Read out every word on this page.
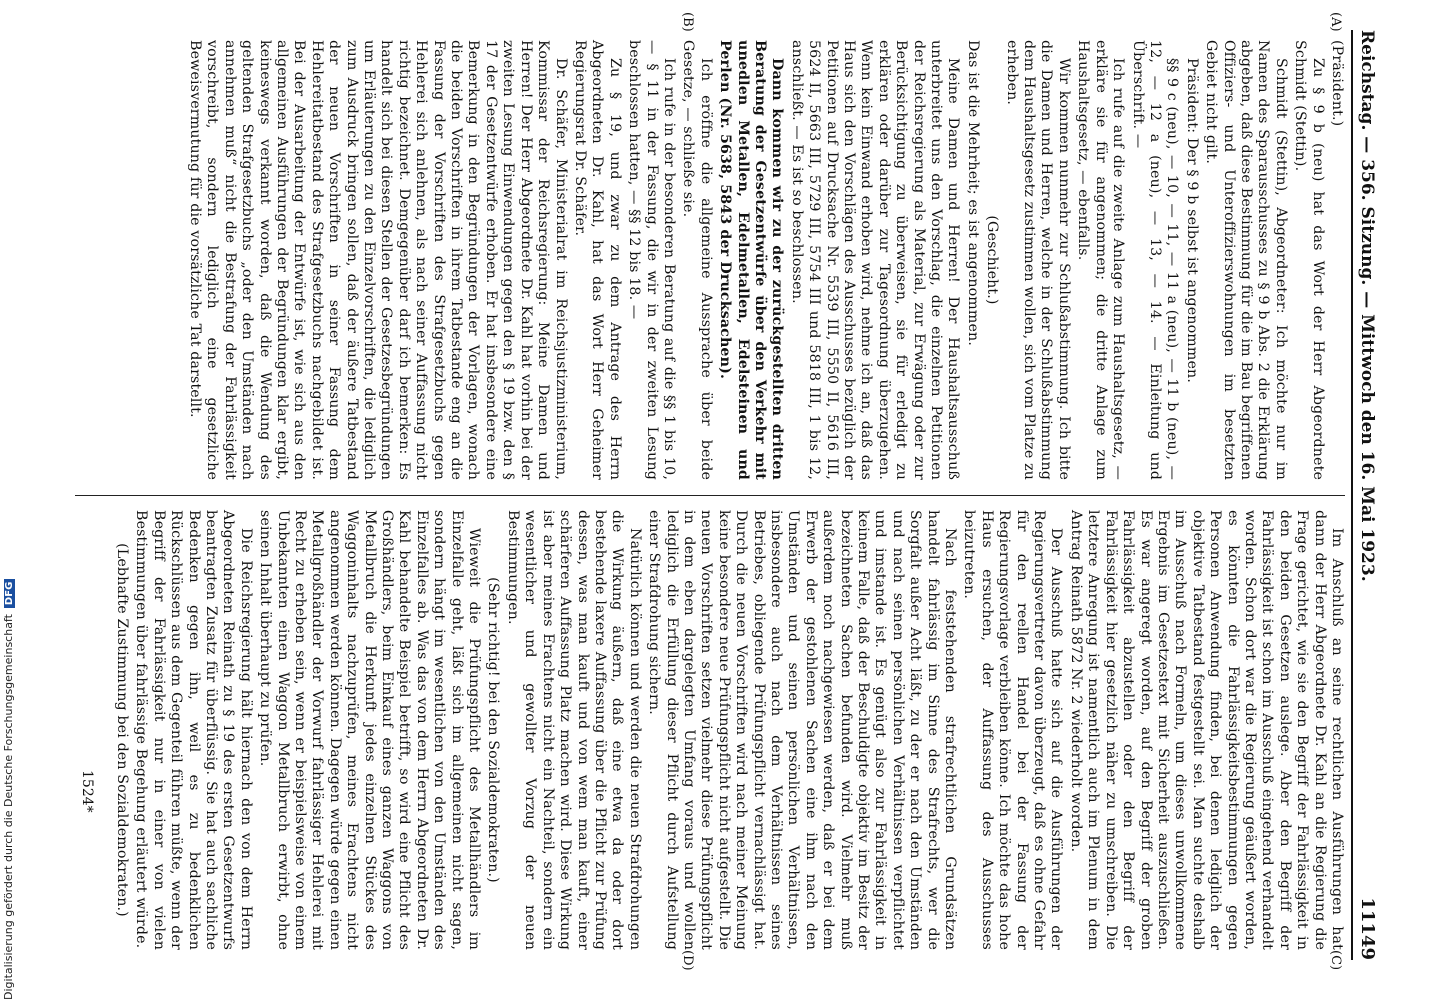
Reichstag. — 356. Sitzung. — Mittwoch den 16. Mai 1923.
11149
(A)
(B)
(C)
(D)

(Präsident.)

Zu § 9 b (neu) hat das Wort der Herr Abgeordnete Schmidt (Stettin).

Schmidt (Stettin), Abgeordneter: Ich möchte nur im Namen des Sparausschusses zu § 9 b Abs. 2 die Erklärung abgeben, daß diese Bestimmung für die im Bau begriffenen Offiziers- und Unteroffizierswohnungen im besetzten Gebiet nicht gilt.

Präsident: Der § 9 b selbst ist angenommen.

§§ 9 c (neu), — 10, — 11, — 11 a (neu), — 11 b (neu), — 12, — 12 a (neu), — 13, — 14. — Einleitung und Überschrift. —

Ich rufe auf die zweite Anlage zum Haushaltsgesetz, — erkläre sie für angenommen; die dritte Anlage zum Haushaltsgesetz, — ebenfalls.

Wir kommen nunmehr zur Schlußabstimmung. Ich bitte die Damen und Herren, welche in der Schlußabstimmung dem Haushaltsgesetz zustimmen wollen, sich vom Platze zu erheben.

(Geschieht.)

Das ist die Mehrheit; es ist angenommen.

Meine Damen und Herren! Der Haushaltsausschuß unterbreitet uns den Vorschlag, die einzelnen Petitionen der Reichsregierung als Material, zur Erwägung oder zur Berücksichtigung zu überweisen, sie für erledigt zu erklären oder darüber zur Tagesordnung überzugehen. Wenn kein Einwand erhoben wird, nehme ich an, daß das Haus sich den Vorschlägen des Ausschusses bezüglich der Petitionen auf Drucksache Nr. 5539 III, 5550 II, 5616 III, 5624 II, 5663 III, 5729 III, 5754 III und 5818 III, 1 bis 12, anschließt. — Es ist so beschlossen.

Dann kommen wir zu der zurückgestellten dritten Beratung der Gesetzentwürfe über den Verkehr mit unedlen Metallen, Edelmetallen, Edelsteinen und Perlen (Nr. 5638, 5843 der Drucksachen).

Ich eröffne die allgemeine Aussprache über beide Gesetze, — schließe sie.

Ich rufe in der besonderen Beratung auf die §§ 1 bis 10, — § 11 in der Fassung, die wir in der zweiten Lesung beschlossen hatten, — §§ 12 bis 18. —

Zu § 19, und zwar zu dem Antrage des Herrn Abgeordneten Dr. Kahl, hat das Wort Herr Geheimer Regierungsrat Dr. Schäfer.

Dr. Schäfer, Ministerialrat im Reichsjustizministerium, Kommissar der Reichsregierung: Meine Damen und Herren! Der Herr Abgeordnete Dr. Kahl hat vorhin bei der zweiten Lesung Einwendungen gegen den § 19 bzw. den § 17 der Gesetzentwürfe erhoben. Er hat insbesondere eine Bemerkung in den Begründungen der Vorlagen, wonach die beiden Vorschriften in ihrem Tatbestande eng an die Fassung der Vorschriften des Strafgesetzbuchs gegen Hehlerei sich anlehnen, als nach seiner Auffassung nicht richtig bezeichnet. Demgegenüber darf ich bemerken: Es handelt sich bei diesen Stellen der Gesetzesbegründungen um Erläuterungen zu den Einzelvorschriften, die lediglich zum Ausdruck bringen sollen, daß der äußere Tatbestand der neuen Vorschriften in seiner Fassung dem Hehlereitatbestand des Strafgesetzbuchs nachgebildet ist. Bei der Ausarbeitung der Entwürfe ist, wie sich aus den allgemeinen Ausführungen der Begründungen klar ergibt, keineswegs verkannt worden, daß die Wendung des geltenden Strafgesetzbuchs „oder den Umständen nach annehmen muß“ nicht die Bestrafung der Fahrlässigkeit vorschreibt, sondern lediglich eine gesetzliche Beweisvermutung für die vorsätzliche Tat darstellt.

Im Anschluß an seine rechtlichen Ausführungen hat dann der Herr Abgeordnete Dr. Kahl an die Regierung die Frage gerichtet, wie sie den Begriff der Fahrlässigkeit in den beiden Gesetzen auslege. Aber den Begriff der Fahrlässigkeit ist schon im Ausschuß eingehend verhandelt worden. Schon dort war die Regierung geäußert worden, es könnten die Fahrlässigkeitsbestimmungen gegen Personen Anwendung finden, bei denen lediglich der objektive Tatbestand festgestellt sei. Man suchte deshalb im Ausschuß nach Formeln, um dieses unwollkommene Ergebnis im Gesetzestext mit Sicherheit auszuschließen. Es war angeregt worden, auf den Begriff der groben Fahrlässigkeit abzustellen oder den Begriff der Fahrlässigkeit hier gesetzlich näher zu umschreiben. Die letztere Anregung ist namentlich auch im Plenum in dem Antrag Reinath 5872 Nr. 2 wiederholt worden.

Der Ausschuß hatte sich auf die Ausführungen der Regierungsvertreter davon überzeugt, daß es ohne Gefahr für den reellen Handel bei der Fassung der Regierungsvorlage verbleiben könne. Ich möchte das hohe Haus ersuchen, der Auffassung des Ausschusses beizutreten.

Nach feststehenden strafrechtlichen Grundsätzen handelt fahrlässig im Sinne des Strafrechts, wer die Sorgfalt außer Acht läßt, zu der er nach den Umständen und nach seinen persönlichen Verhältnissen verpflichtet und imstande ist. Es genügt also zur Fahrlässigkeit in keinem Falle, daß der Beschuldigte objektiv im Besitz der bezeichneten Sachen befunden wird. Vielmehr muß außerdem noch nachgewiesen werden, daß er bei dem Erwerb der gestohlenen Sachen eine ihm nach den Umständen und seinen persönlichen Verhältnissen, insbesondere auch nach dem Verhältnissen seines Betriebes, obliegende Prüfungspflicht vernachlässigt hat. Durch die neuen Vorschriften wird nach meiner Meinung keine besondere neue Prüfungspflicht nicht aufgestellt. Die neuen Vorschriften setzen vielmehr diese Prüfungspflicht in dem eben dargelegten Umfang voraus und wollen lediglich die Erfüllung dieser Pflicht durch Aufstellung einer Strafdrohung sichern.

Natürlich können und werden die neuen Strafdrohungen die Wirkung äußern, daß eine etwa da oder dort bestehende laxere Auffassung über die Pflicht zur Prüfung dessen, was man kauft und von wem man kauft, einer schärferen Auffassung Platz machen wird. Diese Wirkung ist aber meines Erachtens nicht ein Nachteil, sondern ein wesentlicher und gewollter Vorzug der neuen Bestimmungen.

(Sehr richtig! bei den Sozialdemokraten.)

Wieweit die Prüfungspflicht des Metallhändlers im Einzelfalle geht, läßt sich im allgemeinen nicht sagen, sondern hängt im wesentlichen von den Umständen des Einzelfalles ab. Was das von dem Herrn Abgeordneten Dr. Kahl behandelte Beispiel betrifft, so wird eine Pflicht des Großhändlers, beim Einkauf eines ganzen Waggons von Metallbruch die Herkunft jedes einzelnen Stückes des Waggoninhalts nachzuprüfen, meines Erachtens nicht angenommen werden können. Dagegen würde gegen einen Metallgroßhändler der Vorwurf fahrlässiger Hehlerei mit Recht zu erheben sein, wenn er beispielsweise von einem Unbekannten einen Waggon Metallbruch erwirbt, ohne seinen Inhalt überhaupt zu prüfen.

Die Reichsregierung hält hiernach den von dem Herrn Abgeordneten Reinath zu § 19 des ersten Gesetzentwurfs beantragten Zusatz für überflüssig. Sie hat auch sachliche Bedenken gegen ihn, weil es zu bedenklichen Rückschlüssen aus dem Gegenteil führen müßte, wenn der Begriff der Fahrlässigkeit nur in einer von vielen Bestimmungen über fahrlässige Begehung erläutert würde.

(Lebhafte Zustimmung bei den Sozialdemokraten.)

1524*
Digitalisierung gefördert durch die Deutsche ForschungsgemeinschaftDFG
